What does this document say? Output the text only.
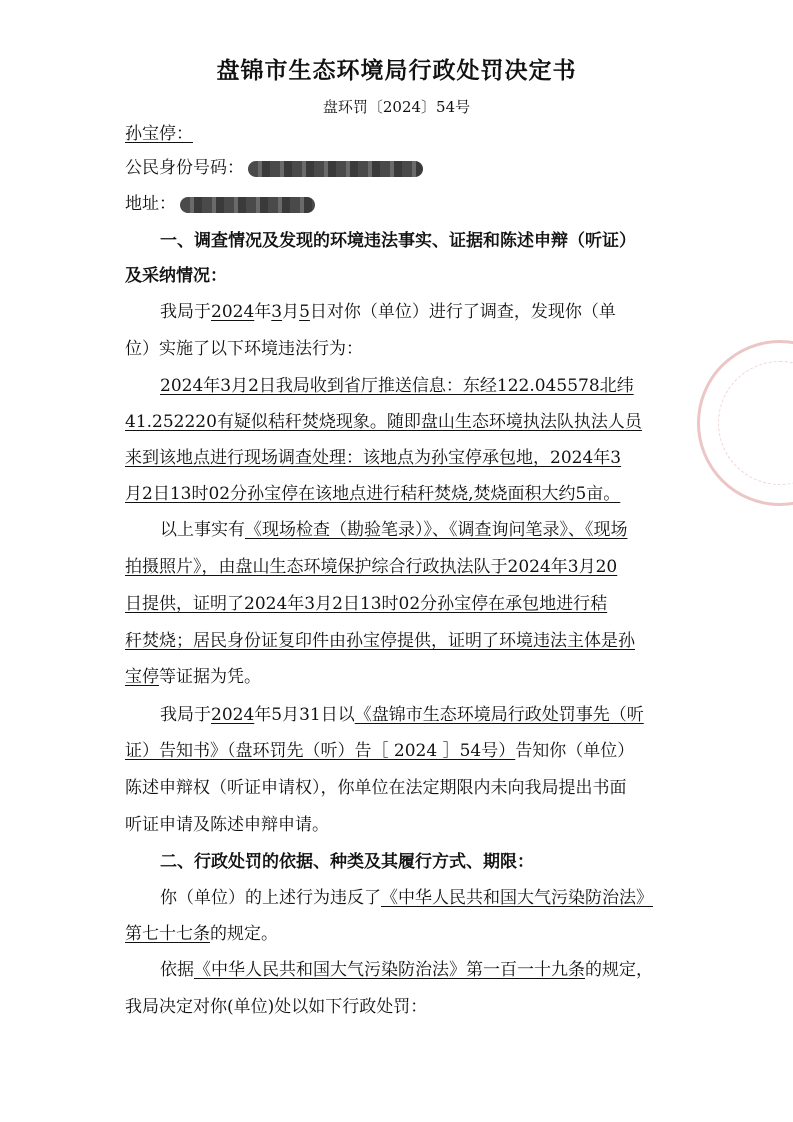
盘锦市生态环境局行政处罚决定书
盘环罚〔2024〕54号
孙宝停：
公民身份号码：
地址：
一、调查情况及发现的环境违法事实、证据和陈述申辩（听证）
及采纳情况：
我局于2024年3月5日对你（单位）进行了调查，发现你（单
位）实施了以下环境违法行为：
2024年3月2日我局收到省厅推送信息：东经122.045578北纬
41.252220有疑似秸秆焚烧现象。随即盘山生态环境执法队执法人员
来到该地点进行现场调查处理：该地点为孙宝停承包地，2024年3
月2日13时02分孙宝停在该地点进行秸秆焚烧,焚烧面积大约5亩。
以上事实有《现场检查（勘验笔录）》、《调查询问笔录》、《现场
拍摄照片》，由盘山生态环境保护综合行政执法队于2024年3月20
日提供，证明了2024年3月2日13时02分孙宝停在承包地进行秸
秆焚烧；居民身份证复印件由孙宝停提供，证明了环境违法主体是孙
宝停等证据为凭。
我局于2024年5月31日以《盘锦市生态环境局行政处罚事先（听
证）告知书》（盘环罚先（听）告［ 2024 ］54号）告知你（单位）
陈述申辩权（听证申请权），你单位在法定期限内未向我局提出书面
听证申请及陈述申辩申请。
二、行政处罚的依据、种类及其履行方式、期限：
你（单位）的上述行为违反了《中华人民共和国大气污染防治法》
第七十七条的规定。
依据《中华人民共和国大气污染防治法》第一百一十九条的规定，
我局决定对你(单位)处以如下行政处罚：
